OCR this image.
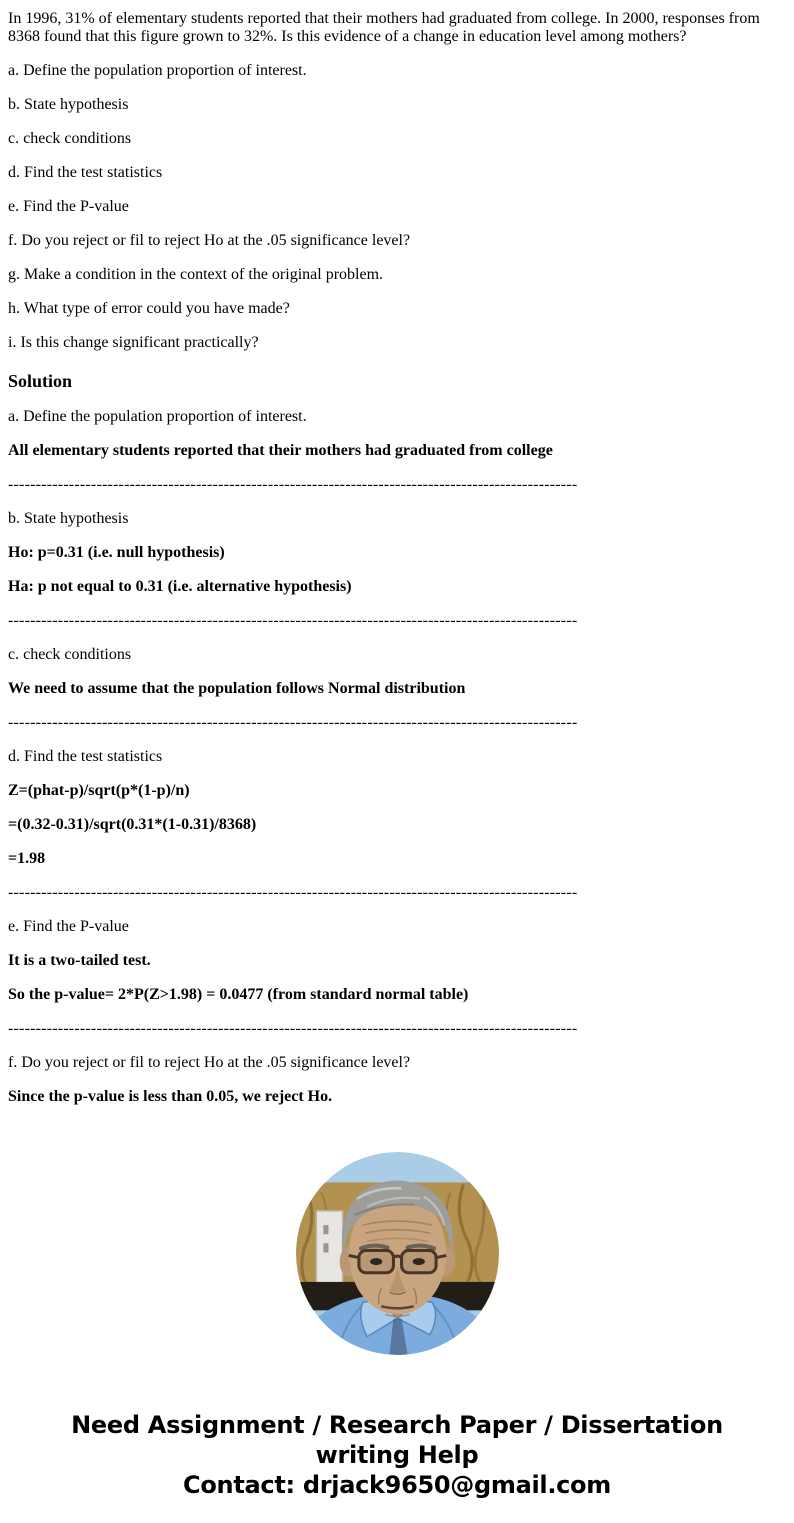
In 1996, 31% of elementary students reported that their mothers had graduated from college. In 2000, responses from 8368 found that this figure grown to 32%. Is this evidence of a change in education level among mothers?

a. Define the population proportion of interest.

b. State hypothesis

c. check conditions

d. Find the test statistics

e. Find the P-value

f. Do you reject or fil to reject Ho at the .05 significance level?

g. Make a condition in the context of the original problem.

h. What type of error could you have made?

i. Is this change significant practically?

Solution

a. Define the population proportion of interest.

All elementary students reported that their mothers had graduated from college

-------------------------------------------------------------------------------------------------------

b. State hypothesis

Ho: p=0.31 (i.e. null hypothesis)

Ha: p not equal to 0.31 (i.e. alternative hypothesis)

-------------------------------------------------------------------------------------------------------

c. check conditions

We need to assume that the population follows Normal distribution

-------------------------------------------------------------------------------------------------------

d. Find the test statistics

Z=(phat-p)/sqrt(p*(1-p)/n)

=(0.32-0.31)/sqrt(0.31*(1-0.31)/8368)

=1.98

-------------------------------------------------------------------------------------------------------

e. Find the P-value

It is a two-tailed test.

So the p-value= 2*P(Z>1.98) = 0.0477 (from standard normal table)

-------------------------------------------------------------------------------------------------------

f. Do you reject or fil to reject Ho at the .05 significance level?

Since the p-value is less than 0.05, we reject Ho.

Need Assignment / Research Paper / Dissertation writing Help
Contact: drjack9650@gmail.com
